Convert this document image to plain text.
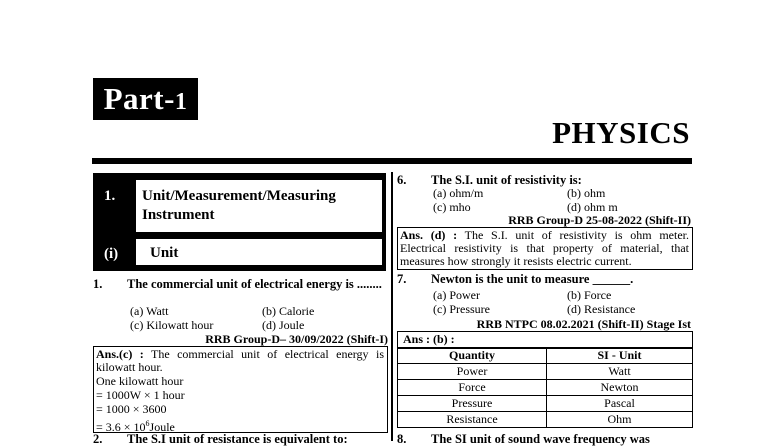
Part-1
PHYSICS
1. Unit/Measurement/Measuring Instrument
(i) Unit
1. The commercial unit of electrical energy is ........
(a) Watt	(b) Calorie
(c) Kilowatt hour	(d) Joule
RRB Group-D– 30/09/2022 (Shift-I)
Ans.(c) : The commercial unit of electrical energy is kilowatt hour.
One kilowatt hour
= 1000W × 1 hour
= 1000 × 3600
= $3.6 \times 10^6Joule$
2. The S.I unit of resistance is equivalent to:
6. The S.I. unit of resistivity is:
(a) ohm/m	(b) ohm
(c) mho	(d) ohm m
RRB Group-D 25-08-2022 (Shift-II)
Ans. (d) : The S.I. unit of resistivity is ohm meter. Electrical resistivity is that property of material, that measures how strongly it resists electric current.
7. Newton is the unit to measure ______.
(a) Power	(b) Force
(c) Pressure	(d) Resistance
RRB NTPC 08.02.2021 (Shift-II) Stage Ist
Ans : (b) :
Quantity	SI - Unit
Power	Watt
Force	Newton
Pressure	Pascal
Resistance	Ohm
8. The SI unit of sound wave frequency was
